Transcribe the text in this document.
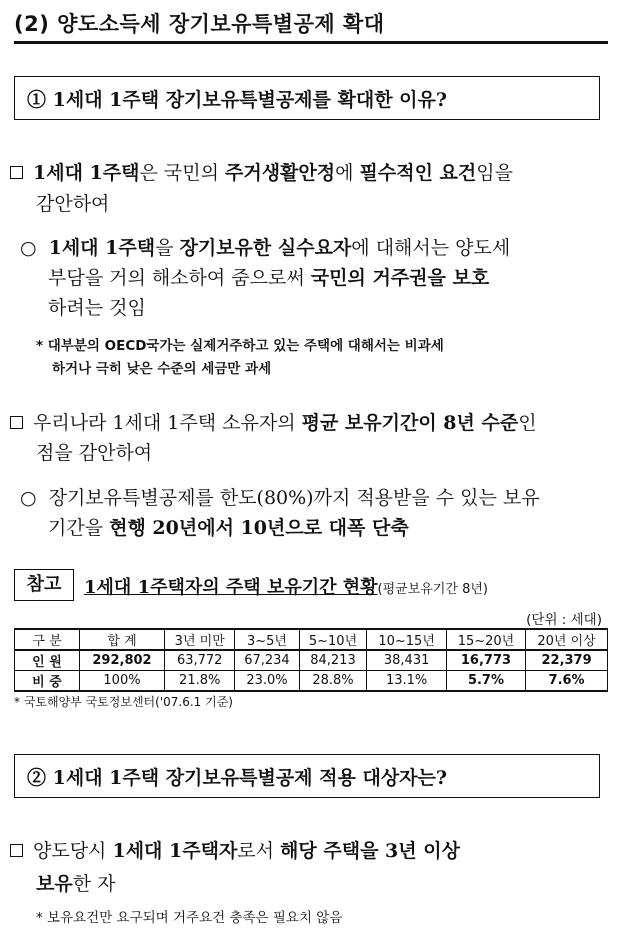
(2) 양도소득세 장기보유특별공제 확대
① 1세대 1주택 장기보유특별공제를 확대한 이유?
1세대 1주택은 국민의 주거생활안정에 필수적인 요건임을
감안하여
○ 1세대 1주택을 장기보유한 실수요자에 대해서는 양도세
부담을 거의 해소하여 줌으로써 국민의 거주권을 보호
하려는 것임
* 대부분의 OECD국가는 실제거주하고 있는 주택에 대해서는 비과세
하거나 극히 낮은 수준의 세금만 과세
우리나라 1세대 1주택 소유자의 평균 보유기간이 8년 수준인
점을 감안하여
○ 장기보유특별공제를 한도(80%)까지 적용받을 수 있는 보유
기간을 현행 20년에서 10년으로 대폭 단축
참고	1세대 1주택자의 주택 보유기간 현황(평균보유기간 8년)
(단위 : 세대)
구 분	합 계	3년 미만	3~5년	5~10년	10~15년	15~20년	20년 이상
인 원	292,802	63,772	67,234	84,213	38,431	16,773	22,379
비 중	100%	21.8%	23.0%	28.8%	13.1%	5.7%	7.6%
* 국토해양부 국토정보센터('07.6.1 기준)
② 1세대 1주택 장기보유특별공제 적용 대상자는?
양도당시 1세대 1주택자로서 해당 주택을 3년 이상
보유한 자
* 보유요건만 요구되며 거주요건 충족은 필요치 않음
